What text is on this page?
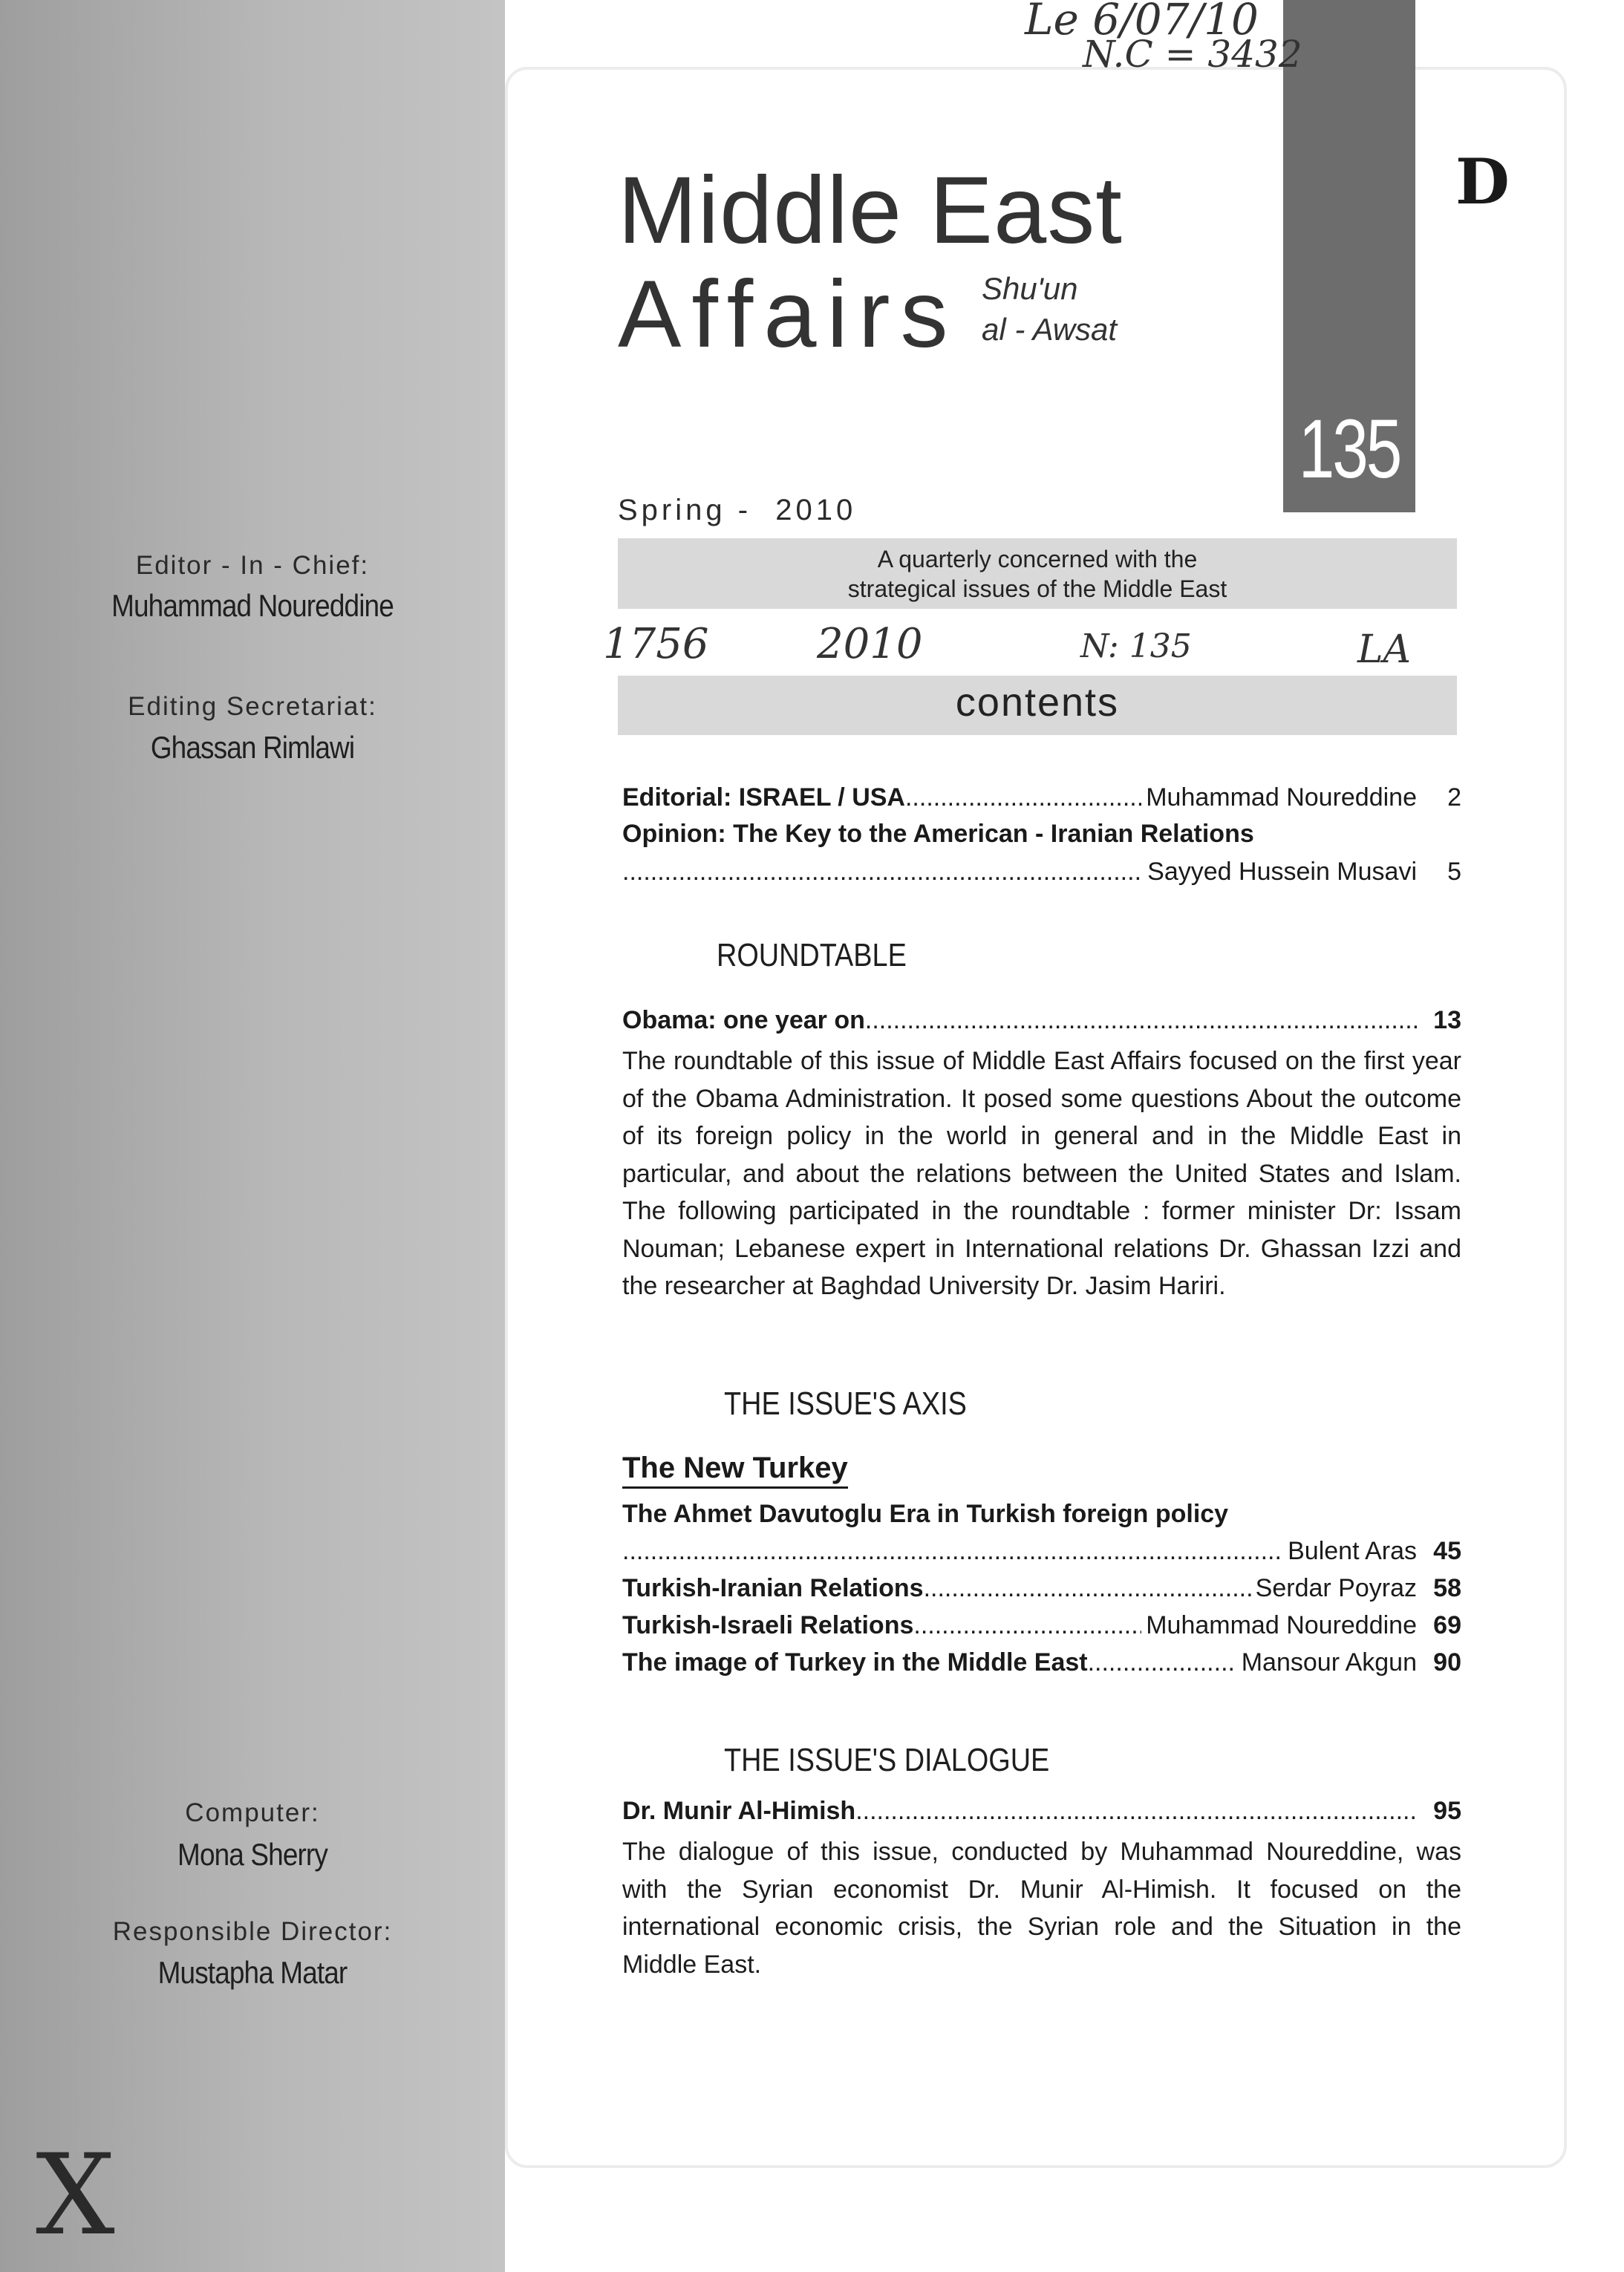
Editor - In - Chief:
Muhammad Noureddine
Editing Secretariat:
Ghassan Rimlawi
Computer:
Mona Sherry
Responsible Director:
Mustapha Matar
Middle East
Affairs Shu'un
al - Awsat
135
Spring -  2010
A quarterly concerned with the
strategical issues of the Middle East
contents
Le 6/07/10
N.C = 3432
D
1756	2010	N: 135	LA
X
Editorial: ISRAEL / USA .....	Muhammad Noureddine	2
Opinion: The Key to the American - Iranian Relations
.....
Sayyed Hussein Musavi	5
ROUNDTABLE
Obama: one year on .....	13
The roundtable of this issue of Middle East Affairs focused on the first year of the Obama Administration. It posed some questions About the outcome of its foreign policy in the world in general and in the Middle East in particular, and about the relations between the United States and Islam. The following participated in the roundtable : former minister Dr: Issam Nouman; Lebanese expert in International relations Dr. Ghassan Izzi and the researcher at Baghdad University Dr. Jasim Hariri.
THE ISSUE'S AXIS
The New Turkey
The Ahmet Davutoglu Era in Turkish foreign policy
.....
Bulent Aras 45
Turkish-Iranian Relations .....	Serdar Poyraz 58
Turkish-Israeli Relations .....	Muhammad Noureddine 69
The image of Turkey in the Middle East .....	Mansour Akgun 90
THE ISSUE'S DIALOGUE
Dr. Munir Al-Himish .....	95
The dialogue of this issue, conducted by Muhammad Noureddine, was with the Syrian economist Dr. Munir Al-Himish. It focused on the international economic crisis, the Syrian role and the Situation in the Middle East.
